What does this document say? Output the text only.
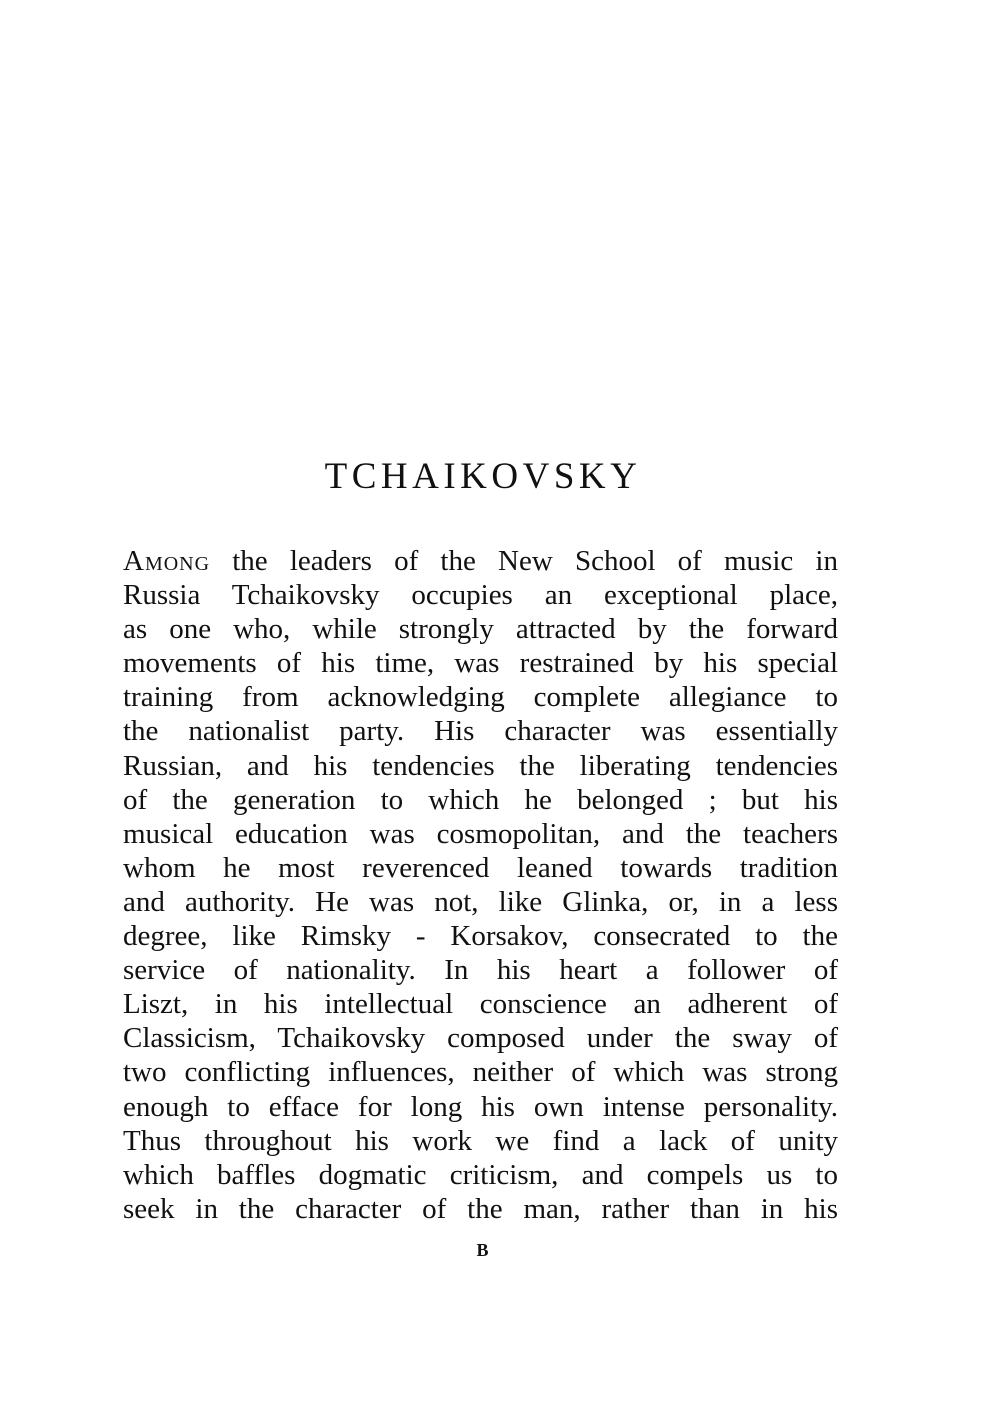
TCHAIKOVSKY
Among the leaders of the New School of music in
Russia Tchaikovsky occupies an exceptional place,
as one who, while strongly attracted by the forward
movements of his time, was restrained by his special
training from acknowledging complete allegiance to
the nationalist party. His character was essentially
Russian, and his tendencies the liberating tendencies
of the generation to which he belonged ; but his
musical education was cosmopolitan, and the teachers
whom he most reverenced leaned towards tradition
and authority. He was not, like Glinka, or, in a less
degree, like Rimsky - Korsakov, consecrated to the
service of nationality. In his heart a follower of
Liszt, in his intellectual conscience an adherent of
Classicism, Tchaikovsky composed under the sway of
two conflicting influences, neither of which was strong
enough to efface for long his own intense personality.
Thus throughout his work we find a lack of unity
which baffles dogmatic criticism, and compels us to
seek in the character of the man, rather than in his
B
